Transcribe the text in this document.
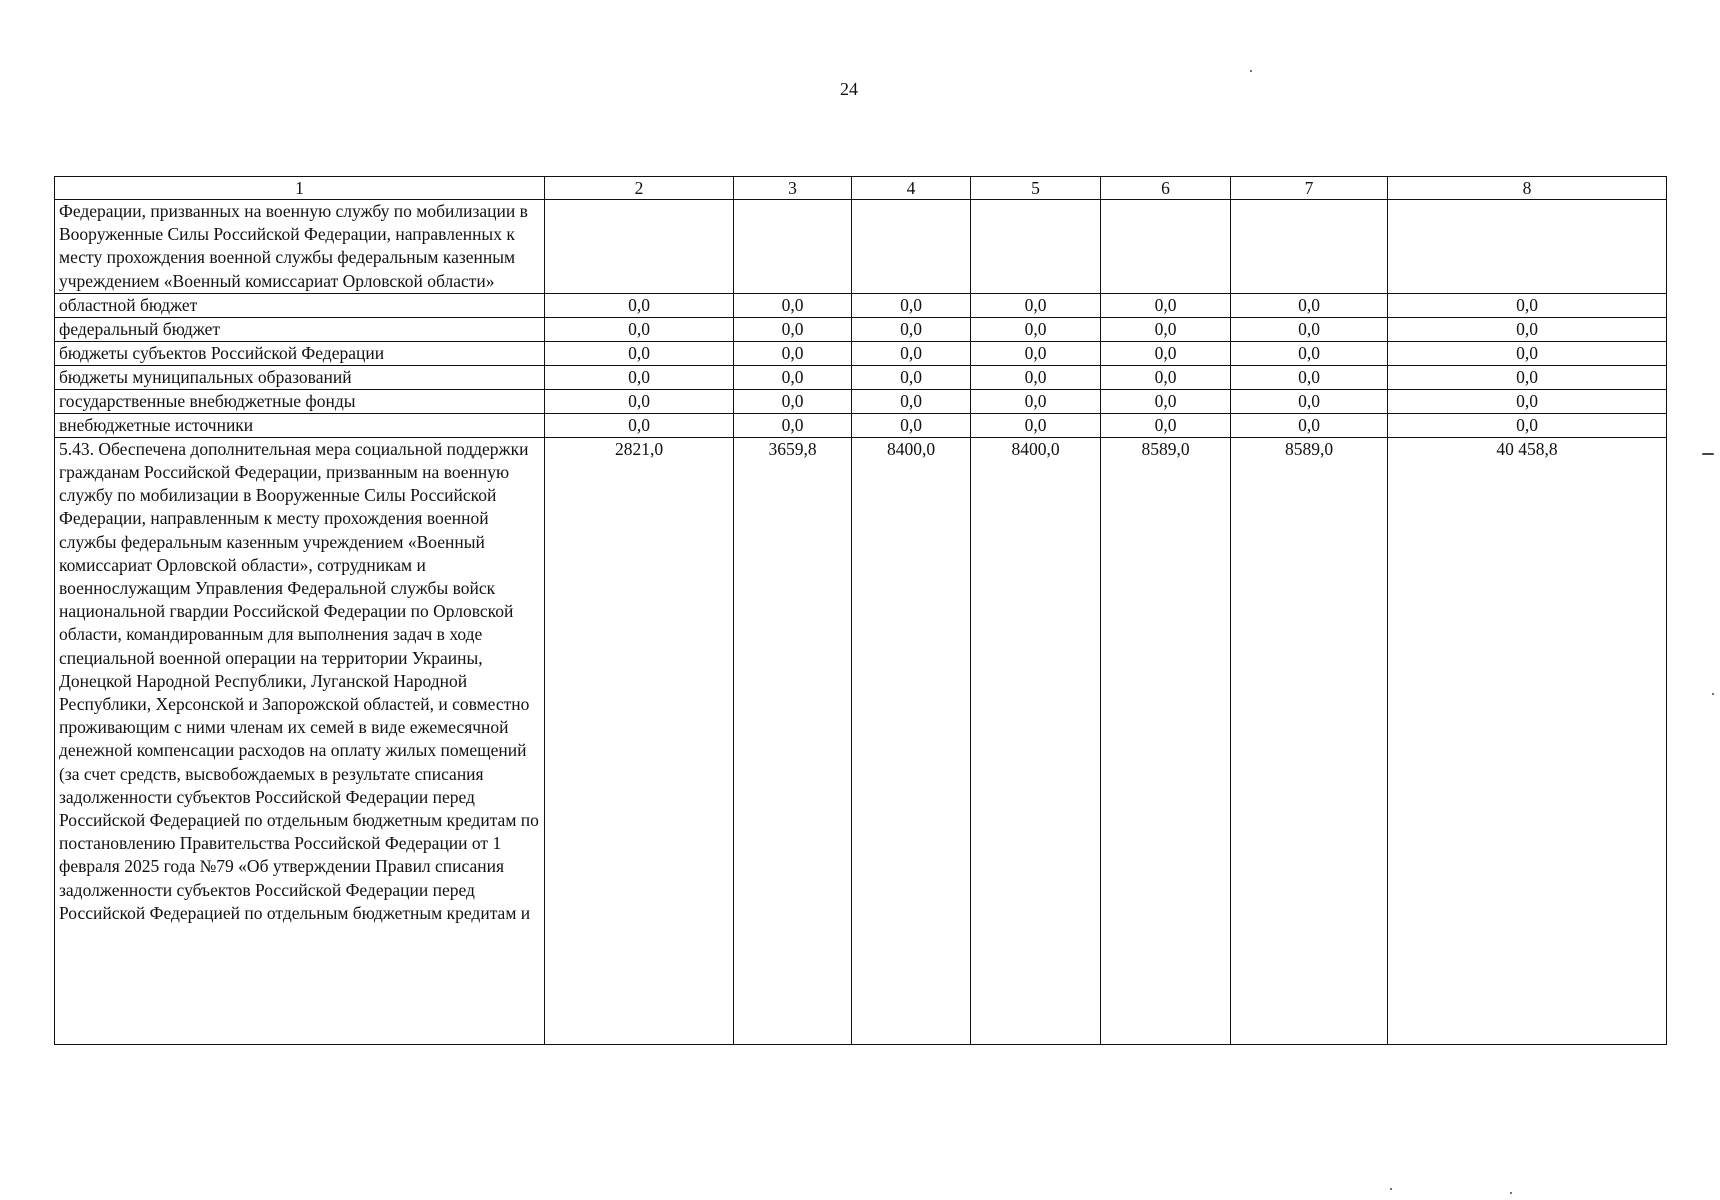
24
1	2	3	4	5	6	7	8
Федерации, призванных на военную службу по мобилизации в Вооруженные Силы Российской Федерации, направленных к месту прохождения военной службы федеральным казенным учреждением «Военный комиссариат Орловской области»							
областной бюджет	0,0	0,0	0,0	0,0	0,0	0,0	0,0
федеральный бюджет	0,0	0,0	0,0	0,0	0,0	0,0	0,0
бюджеты субъектов Российской Федерации	0,0	0,0	0,0	0,0	0,0	0,0	0,0
бюджеты муниципальных образований	0,0	0,0	0,0	0,0	0,0	0,0	0,0
государственные внебюджетные фонды	0,0	0,0	0,0	0,0	0,0	0,0	0,0
внебюджетные источники	0,0	0,0	0,0	0,0	0,0	0,0	0,0
5.43. Обеспечена дополнительная мера социальной поддержки гражданам Российской Федерации, призванным на военную службу по мобилизации в Вооруженные Силы Российской Федерации, направленным к месту прохождения военной службы федеральным казенным учреждением «Военный комиссариат Орловской области», сотрудникам и военнослужащим Управления Федеральной службы войск национальной гвардии Российской Федерации по Орловской области, командированным для выполнения задач в ходе специальной военной операции на территории Украины, Донецкой Народной Республики, Луганской Народной Республики, Херсонской и Запорожской областей, и совместно проживающим с ними членам их семей в виде ежемесячной денежной компенсации расходов на оплату жилых помещений (за счет средств, высвобождаемых в результате списания задолженности субъектов Российской Федерации перед Российской Федерацией по отдельным бюджетным кредитам по постановлению Правительства Российской Федерации от 1 февраля 2025 года №79 «Об утверждении Правил списания задолженности субъектов Российской Федерации перед Российской Федерацией по отдельным бюджетным кредитам и	2821,0	3659,8	8400,0	8400,0	8589,0	8589,0	40 458,8
